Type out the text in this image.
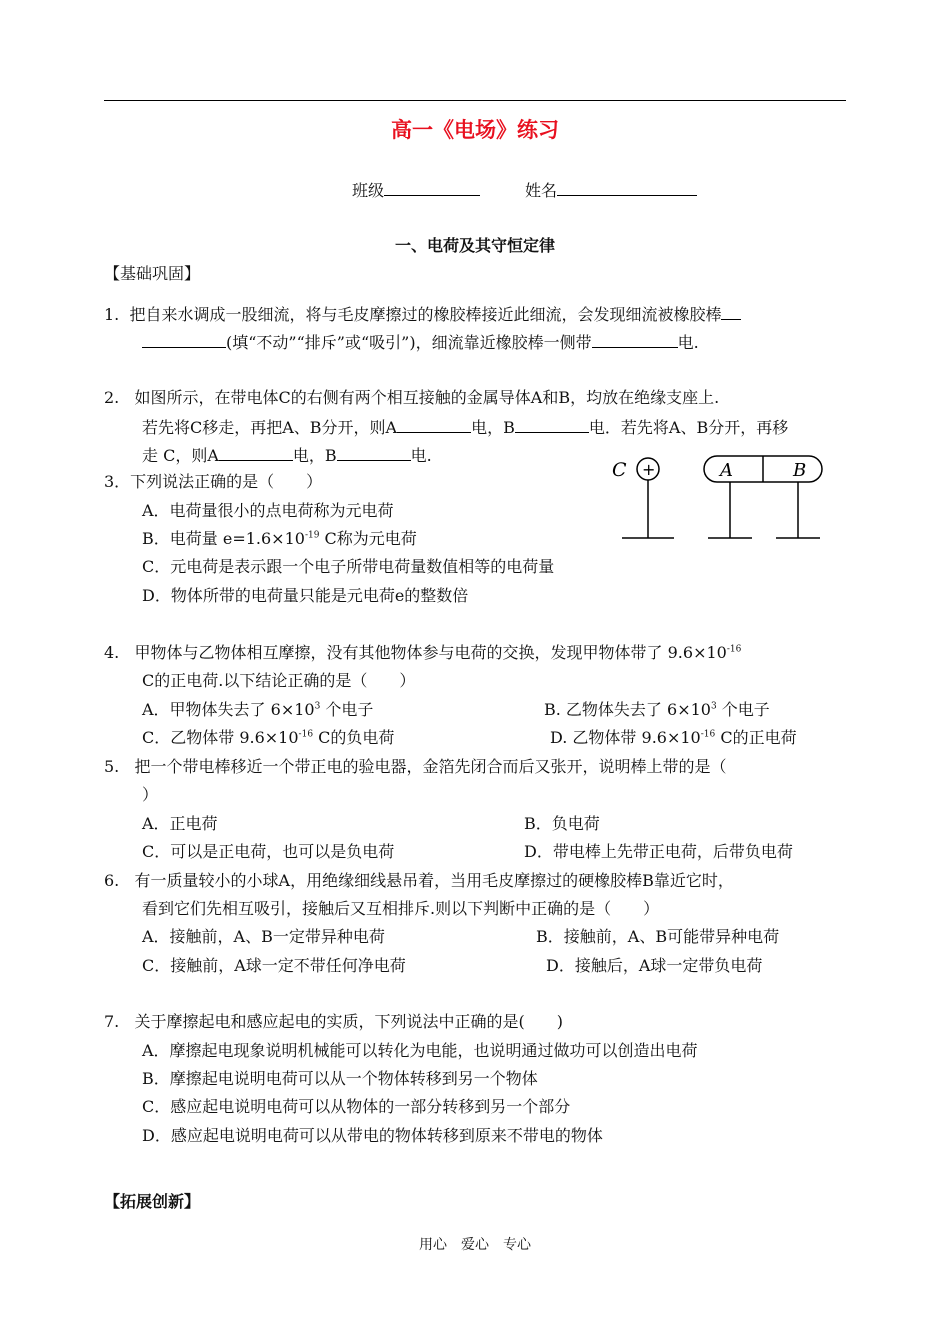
高一《电场》练习
班级	姓名
一、电荷及其守恒定律
【基础巩固】
1. 把自来水调成一股细流，将与毛皮摩擦过的橡胶棒接近此细流，会发现细流被橡胶棒
(填“不动”“排斥”或“吸引”)，细流靠近橡胶棒一侧带	电.
2. 如图所示，在带电体C的右侧有两个相互接触的金属导体A和B，均放在绝缘支座上.
若先将C移走，再把A、B分开，则A	电，B	电．若先将A、B分开，再移
走 C，则A	电，B	电.
C +	A	B
3．下列说法正确的是（　　）
A．电荷量很小的点电荷称为元电荷
B．电荷量 $e=1.6\times 10^{-19}$ C称为元电荷
C．元电荷是表示跟一个电子所带电荷量数值相等的电荷量
D．物体所带的电荷量只能是元电荷e的整数倍
4. 甲物体与乙物体相互摩擦，没有其他物体参与电荷的交换，发现甲物体带了 $9.6\times 10^{-16}$
C的正电荷.以下结论正确的是（　　）
A．甲物体失去了 $6\times 10^3$ 个电子	B. 乙物体失去了 $6\times 10^3$ 个电子
C．乙物体带 $9.6\times 10^{-16}$ C的负电荷	D. 乙物体带 $9.6\times 10^{-16}$ C的正电荷
5. 把一个带电棒移近一个带正电的验电器，金箔先闭合而后又张开，说明棒上带的是（
）
A．正电荷	B．负电荷
C．可以是正电荷，也可以是负电荷	D．带电棒上先带正电荷，后带负电荷
6. 有一质量较小的小球A，用绝缘细线悬吊着，当用毛皮摩擦过的硬橡胶棒B靠近它时，
看到它们先相互吸引，接触后又互相排斥.则以下判断中正确的是（　　）
A．接触前，A、B一定带异种电荷	B．接触前，A、B可能带异种电荷
C．接触前，A球一定不带任何净电荷	D．接触后，A球一定带负电荷
7. 关于摩擦起电和感应起电的实质，下列说法中正确的是(　　)
A．摩擦起电现象说明机械能可以转化为电能，也说明通过做功可以创造出电荷
B．摩擦起电说明电荷可以从一个物体转移到另一个物体
C．感应起电说明电荷可以从物体的一部分转移到另一个部分
D．感应起电说明电荷可以从带电的物体转移到原来不带电的物体
【拓展创新】
用心　爱心　专心
